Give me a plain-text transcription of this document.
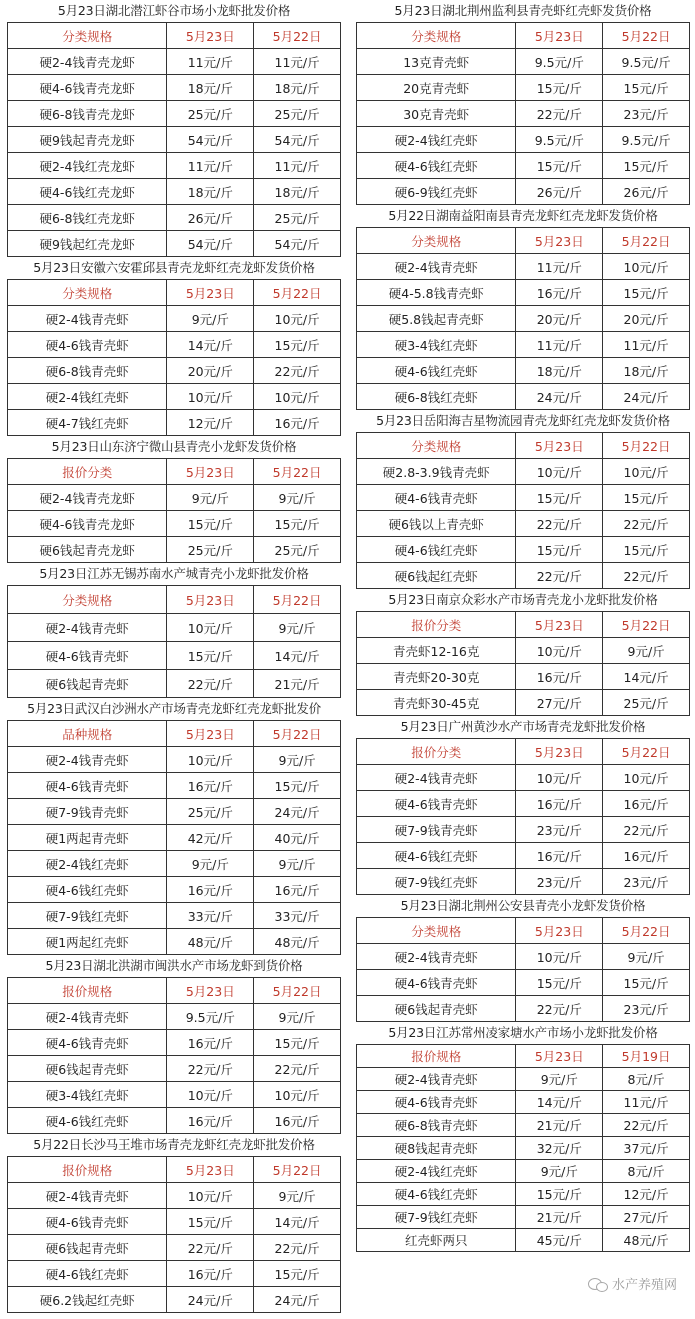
5月23日湖北潜江虾谷市场小龙虾批发价格
分类规格	5月23日	5月22日
硬2-4钱青壳龙虾	11元/斤	11元/斤
硬4-6钱青壳龙虾	18元/斤	18元/斤
硬6-8钱青壳龙虾	25元/斤	25元/斤
硬9钱起青壳龙虾	54元/斤	54元/斤
硬2-4钱红壳龙虾	11元/斤	11元/斤
硬4-6钱红壳龙虾	18元/斤	18元/斤
硬6-8钱红壳龙虾	26元/斤	25元/斤
硬9钱起红壳龙虾	54元/斤	54元/斤
5月23日安徽六安霍邱县青壳龙虾红壳龙虾发货价格
分类规格	5月23日	5月22日
硬2-4钱青壳虾	9元/斤	10元/斤
硬4-6钱青壳虾	14元/斤	15元/斤
硬6-8钱青壳虾	20元/斤	22元/斤
硬2-4钱红壳虾	10元/斤	10元/斤
硬4-7钱红壳虾	12元/斤	16元/斤
5月23日山东济宁微山县青壳小龙虾发货价格
报价分类	5月23日	5月22日
硬2-4钱青壳龙虾	9元/斤	9元/斤
硬4-6钱青壳龙虾	15元/斤	15元/斤
硬6钱起青壳龙虾	25元/斤	25元/斤
5月23日江苏无锡苏南水产城青壳小龙虾批发价格
分类规格	5月23日	5月22日
硬2-4钱青壳虾	10元/斤	9元/斤
硬4-6钱青壳虾	15元/斤	14元/斤
硬6钱起青壳虾	22元/斤	21元/斤
5月23日武汉白沙洲水产市场青壳龙虾红壳龙虾批发价
品种规格	5月23日	5月22日
硬2-4钱青壳虾	10元/斤	9元/斤
硬4-6钱青壳虾	16元/斤	15元/斤
硬7-9钱青壳虾	25元/斤	24元/斤
硬1两起青壳虾	42元/斤	40元/斤
硬2-4钱红壳虾	9元/斤	9元/斤
硬4-6钱红壳虾	16元/斤	16元/斤
硬7-9钱红壳虾	33元/斤	33元/斤
硬1两起红壳虾	48元/斤	48元/斤
5月23日湖北洪湖市闽洪水产市场龙虾到货价格
报价规格	5月23日	5月22日
硬2-4钱青壳虾	9.5元/斤	9元/斤
硬4-6钱青壳虾	16元/斤	15元/斤
硬6钱起青壳虾	22元/斤	22元/斤
硬3-4钱红壳虾	10元/斤	10元/斤
硬4-6钱红壳虾	16元/斤	16元/斤
5月22日长沙马王堆市场青壳龙虾红壳龙虾批发价格
报价规格	5月23日	5月22日
硬2-4钱青壳虾	10元/斤	9元/斤
硬4-6钱青壳虾	15元/斤	14元/斤
硬6钱起青壳虾	22元/斤	22元/斤
硬4-6钱红壳虾	16元/斤	15元/斤
硬6.2钱起红壳虾	24元/斤	24元/斤
5月23日湖北荆州监利县青壳虾红壳虾发货价格
分类规格	5月23日	5月22日
13克青壳虾	9.5元/斤	9.5元/斤
20克青壳虾	15元/斤	15元/斤
30克青壳虾	22元/斤	23元/斤
硬2-4钱红壳虾	9.5元/斤	9.5元/斤
硬4-6钱红壳虾	15元/斤	15元/斤
硬6-9钱红壳虾	26元/斤	26元/斤
5月22日湖南益阳南县青壳龙虾红壳龙虾发货价格
分类规格	5月23日	5月22日
硬2-4钱青壳虾	11元/斤	10元/斤
硬4-5.8钱青壳虾	16元/斤	15元/斤
硬5.8钱起青壳虾	20元/斤	20元/斤
硬3-4钱红壳虾	11元/斤	11元/斤
硬4-6钱红壳虾	18元/斤	18元/斤
硬6-8钱红壳虾	24元/斤	24元/斤
5月23日岳阳海吉星物流园青壳龙虾红壳龙虾发货价格
分类规格	5月23日	5月22日
硬2.8-3.9钱青壳虾	10元/斤	10元/斤
硬4-6钱青壳虾	15元/斤	15元/斤
硬6钱以上青壳虾	22元/斤	22元/斤
硬4-6钱红壳虾	15元/斤	15元/斤
硬6钱起红壳虾	22元/斤	22元/斤
5月23日南京众彩水产市场青壳龙小龙虾批发价格
报价分类	5月23日	5月22日
青壳虾12-16克	10元/斤	9元/斤
青壳虾20-30克	16元/斤	14元/斤
青壳虾30-45克	27元/斤	25元/斤
5月23日广州黄沙水产市场青壳龙虾批发价格
报价分类	5月23日	5月22日
硬2-4钱青壳虾	10元/斤	10元/斤
硬4-6钱青壳虾	16元/斤	16元/斤
硬7-9钱青壳虾	23元/斤	22元/斤
硬4-6钱红壳虾	16元/斤	16元/斤
硬7-9钱红壳虾	23元/斤	23元/斤
5月23日湖北荆州公安县青壳小龙虾发货价格
分类规格	5月23日	5月22日
硬2-4钱青壳虾	10元/斤	9元/斤
硬4-6钱青壳虾	15元/斤	15元/斤
硬6钱起青壳虾	22元/斤	23元/斤
5月23日江苏常州凌家塘水产市场小龙虾批发价格
报价规格	5月23日	5月19日
硬2-4钱青壳虾	9元/斤	8元/斤
硬4-6钱青壳虾	14元/斤	11元/斤
硬6-8钱青壳虾	21元/斤	22元/斤
硬8钱起青壳虾	32元/斤	37元/斤
硬2-4钱红壳虾	9元/斤	8元/斤
硬4-6钱红壳虾	15元/斤	12元/斤
硬7-9钱红壳虾	21元/斤	27元/斤
红壳虾两只	45元/斤	48元/斤
水产养殖网
